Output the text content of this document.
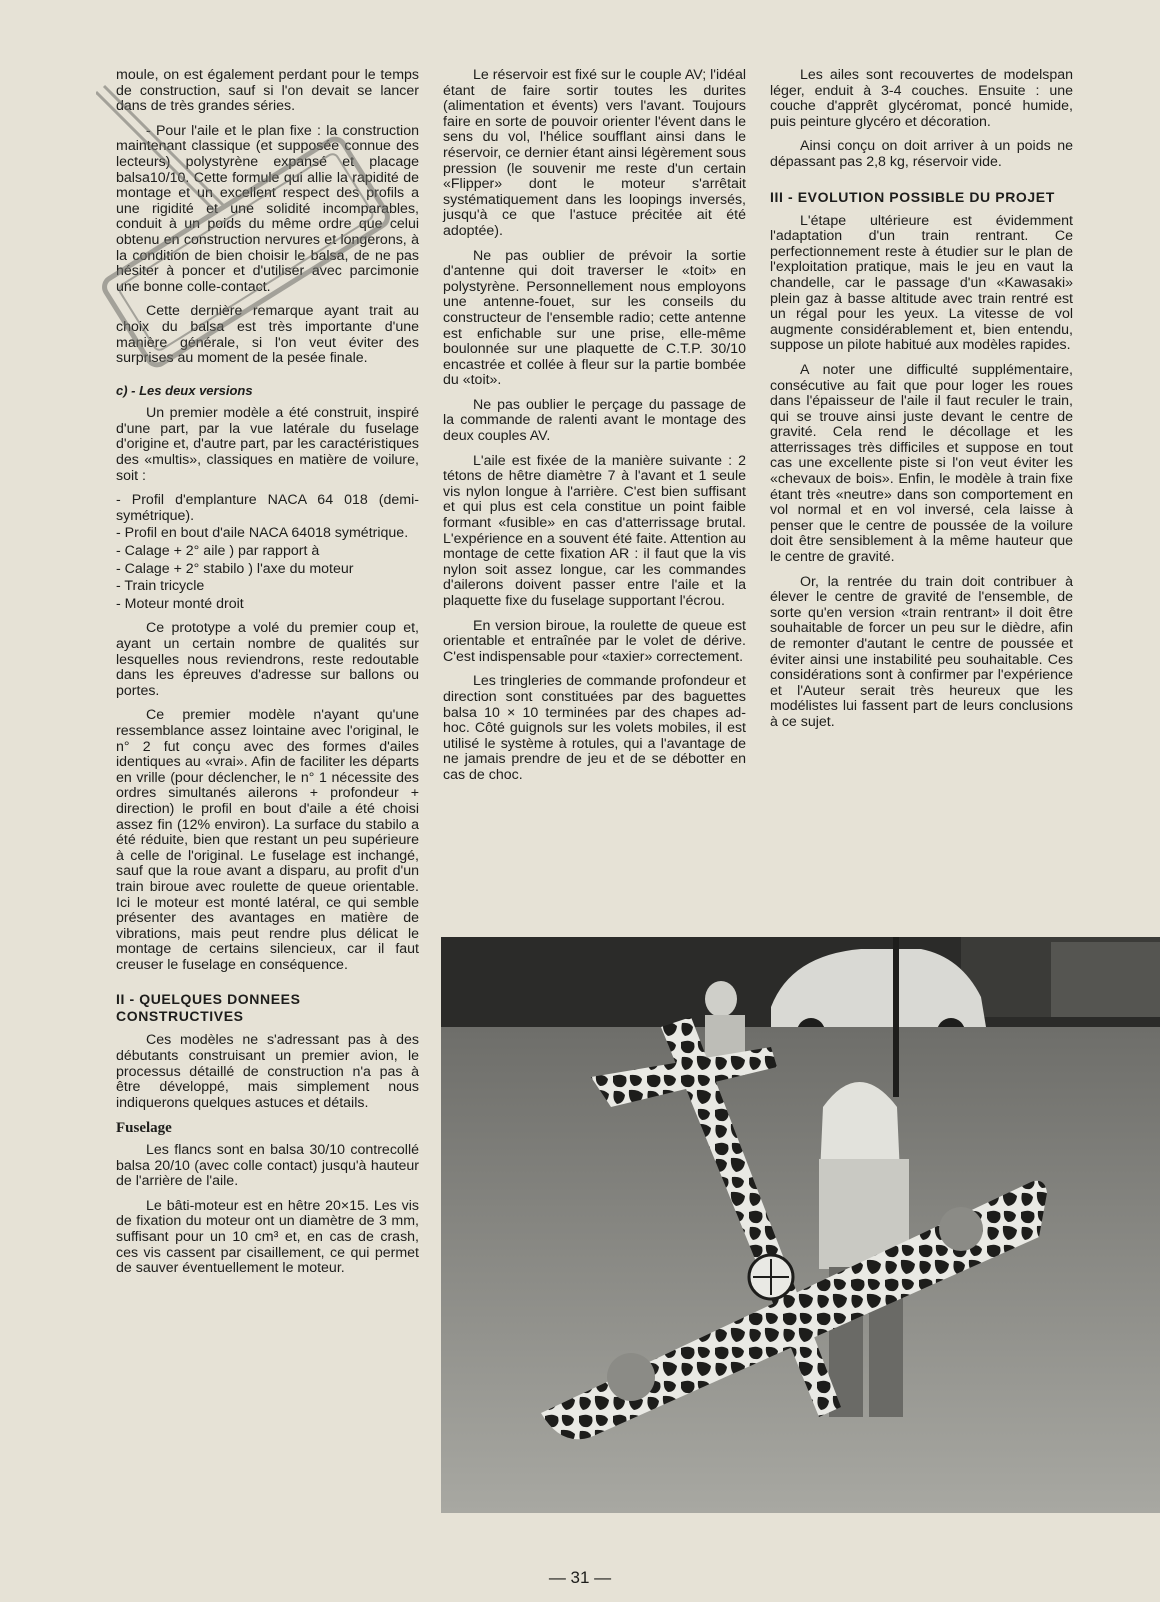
moule, on est également perdant pour le temps de construction, sauf si l'on devait se lancer dans de très grandes séries.

- Pour l'aile et le plan fixe : la construction maintenant classique (et supposée connue des lecteurs) polystyrène expansé et placage balsa10/10. Cette formule qui allie la rapidité de montage et un excellent respect des profils a une rigidité et une solidité incomparables, conduit à un poids du même ordre que celui obtenu en construction nervures et longerons, à la condition de bien choisir le balsa, de ne pas hésiter à poncer et d'utiliser avec parcimonie une bonne colle-contact.

Cette dernière remarque ayant trait au choix du balsa est très importante d'une manière générale, si l'on veut éviter des surprises au moment de la pesée finale.

c) - Les deux versions

Un premier modèle a été construit, inspiré d'une part, par la vue latérale du fuselage d'origine et, d'autre part, par les caractéristiques des «multis», classiques en matière de voilure, soit :

- Profil d'emplanture NACA 64 018 (demi-symétrique).

- Profil en bout d'aile NACA 64018 symétrique.

- Calage + 2° aile ) par rapport à

- Calage + 2° stabilo ) l'axe du moteur

- Train tricycle

- Moteur monté droit

Ce prototype a volé du premier coup et, ayant un certain nombre de qualités sur lesquelles nous reviendrons, reste redoutable dans les épreuves d'adresse sur ballons ou portes.

Ce premier modèle n'ayant qu'une ressemblance assez lointaine avec l'original, le n° 2 fut conçu avec des formes d'ailes identiques au «vrai». Afin de faciliter les départs en vrille (pour déclencher, le n° 1 nécessite des ordres simultanés ailerons + profondeur + direction) le profil en bout d'aile a été choisi assez fin (12% environ). La surface du stabilo a été réduite, bien que restant un peu supérieure à celle de l'original. Le fuselage est inchangé, sauf que la roue avant a disparu, au profit d'un train biroue avec roulette de queue orientable. Ici le moteur est monté latéral, ce qui semble présenter des avantages en matière de vibrations, mais peut rendre plus délicat le montage de certains silencieux, car il faut creuser le fuselage en conséquence.

II - QUELQUES DONNEES CONSTRUCTIVES

Ces modèles ne s'adressant pas à des débutants construisant un premier avion, le processus détaillé de construction n'a pas à être développé, mais simplement nous indiquerons quelques astuces et détails.

Fuselage

Les flancs sont en balsa 30/10 contrecollé balsa 20/10 (avec colle contact) jusqu'à hauteur de l'arrière de l'aile.

Le bâti-moteur est en hêtre 20×15. Les vis de fixation du moteur ont un diamètre de 3 mm, suffisant pour un 10 cm³ et, en cas de crash, ces vis cassent par cisaillement, ce qui permet de sauver éventuellement le moteur.

Le réservoir est fixé sur le couple AV; l'idéal étant de faire sortir toutes les durites (alimentation et évents) vers l'avant. Toujours faire en sorte de pouvoir orienter l'évent dans le sens du vol, l'hélice soufflant ainsi dans le réservoir, ce dernier étant ainsi légèrement sous pression (le souvenir me reste d'un certain «Flipper» dont le moteur s'arrêtait systématiquement dans les loopings inversés, jusqu'à ce que l'astuce précitée ait été adoptée).

Ne pas oublier de prévoir la sortie d'antenne qui doit traverser le «toit» en polystyrène. Personnellement nous employons une antenne-fouet, sur les conseils du constructeur de l'ensemble radio; cette antenne est enfichable sur une prise, elle-même boulonnée sur une plaquette de C.T.P. 30/10 encastrée et collée à fleur sur la partie bombée du «toit».

Ne pas oublier le perçage du passage de la commande de ralenti avant le montage des deux couples AV.

L'aile est fixée de la manière suivante : 2 tétons de hêtre diamètre 7 à l'avant et 1 seule vis nylon longue à l'arrière. C'est bien suffisant et qui plus est cela constitue un point faible formant «fusible» en cas d'atterrissage brutal. L'expérience en a souvent été faite. Attention au montage de cette fixation AR : il faut que la vis nylon soit assez longue, car les commandes d'ailerons doivent passer entre l'aile et la plaquette fixe du fuselage supportant l'écrou.

En version biroue, la roulette de queue est orientable et entraînée par le volet de dérive. C'est indispensable pour «taxier» correctement.

Les tringleries de commande profondeur et direction sont constituées par des baguettes balsa 10 × 10 terminées par des chapes ad-hoc. Côté guignols sur les volets mobiles, il est utilisé le système à rotules, qui a l'avantage de ne jamais prendre de jeu et de se débotter en cas de choc.

Les ailes sont recouvertes de modelspan léger, enduit à 3-4 couches. Ensuite : une couche d'apprêt glycéromat, poncé humide, puis peinture glycéro et décoration.

Ainsi conçu on doit arriver à un poids ne dépassant pas 2,8 kg, réservoir vide.

III - EVOLUTION POSSIBLE DU PROJET

L'étape ultérieure est évidemment l'adaptation d'un train rentrant. Ce perfectionnement reste à étudier sur le plan de l'exploitation pratique, mais le jeu en vaut la chandelle, car le passage d'un «Kawasaki» plein gaz à basse altitude avec train rentré est un régal pour les yeux. La vitesse de vol augmente considérablement et, bien entendu, suppose un pilote habitué aux modèles rapides.

A noter une difficulté supplémentaire, consécutive au fait que pour loger les roues dans l'épaisseur de l'aile il faut reculer le train, qui se trouve ainsi juste devant le centre de gravité. Cela rend le décollage et les atterrissages très difficiles et suppose en tout cas une excellente piste si l'on veut éviter les «chevaux de bois». Enfin, le modèle à train fixe étant très «neutre» dans son comportement en vol normal et en vol inversé, cela laisse à penser que le centre de poussée de la voilure doit être sensiblement à la même hauteur que le centre de gravité.

Or, la rentrée du train doit contribuer à élever le centre de gravité de l'ensemble, de sorte qu'en version «train rentrant» il doit être souhaitable de forcer un peu sur le dièdre, afin de remonter d'autant le centre de poussée et éviter ainsi une instabilité peu souhaitable. Ces considérations sont à confirmer par l'expérience et l'Auteur serait très heureux que les modélistes lui fassent part de leurs conclusions à ce sujet.

— 31 —
